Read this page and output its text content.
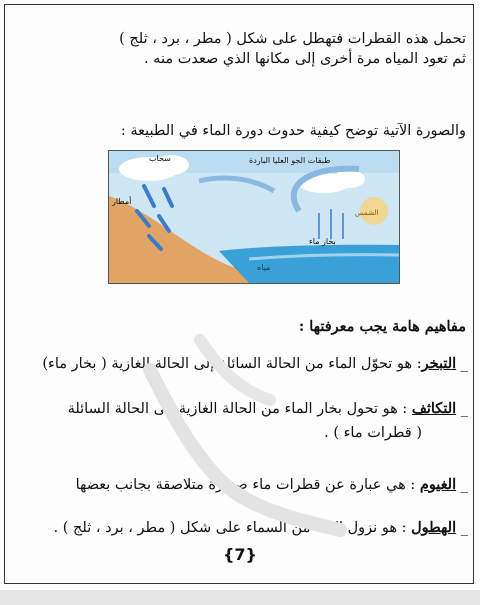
تحمل هذه القطرات فتهطل على شكل ( مطر ، برد ، ثلج )
ثم تعود المياه مرة أخرى إلى مكانها الذي صعدت منه .
والصورة الآتية توضح كيفية حدوث دورة الماء في الطبيعة :
سحاب	طبقات الجو العليا الباردة
أمطار
الشمس
بخار ماء
مياه
مفاهيم هامة يجب معرفتها :
_ التبخر: هو تحوّل الماء من الحالة السائلة إلى الحالة الغازية ( بخار ماء)
_ التكاثف : هو تحول بخار الماء من الحالة الغازية إلى الحالة السائلة
( قطرات ماء ) .
_ الغيوم : هي عبارة عن قطرات ماء صغيرة متلاصقة بجانب بعضها
_ الهطول : هو نزول الماء من السماء على شكل ( مطر ، برد ، ثلج ) .
{7}
